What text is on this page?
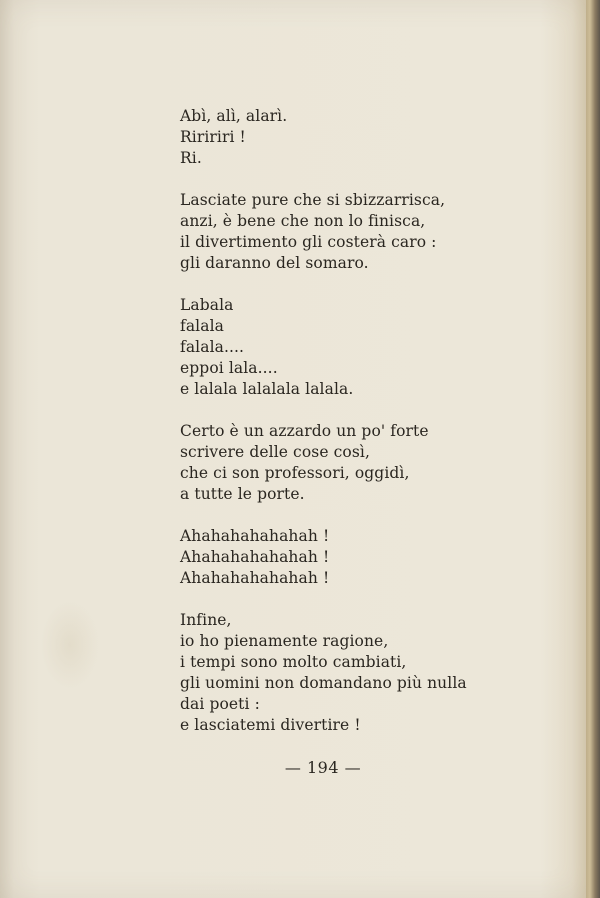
Abì, alì, alarì.
Riririri !
Ri.
Lasciate pure che si sbizzarrisca,
anzi, è bene che non lo finisca,
il divertimento gli costerà caro :
gli daranno del somaro.
Labala
falala
falala....
eppoi lala....
e lalala lalalala lalala.
Certo è un azzardo un po' forte
scrivere delle cose così,
che ci son professori, oggidì,
a tutte le porte.
Ahahahahahahah !
Ahahahahahahah !
Ahahahahahahah !
Infine,
io ho pienamente ragione,
i tempi sono molto cambiati,
gli uomini non domandano più nulla
dai poeti :
e lasciatemi divertire !
— 194 —
